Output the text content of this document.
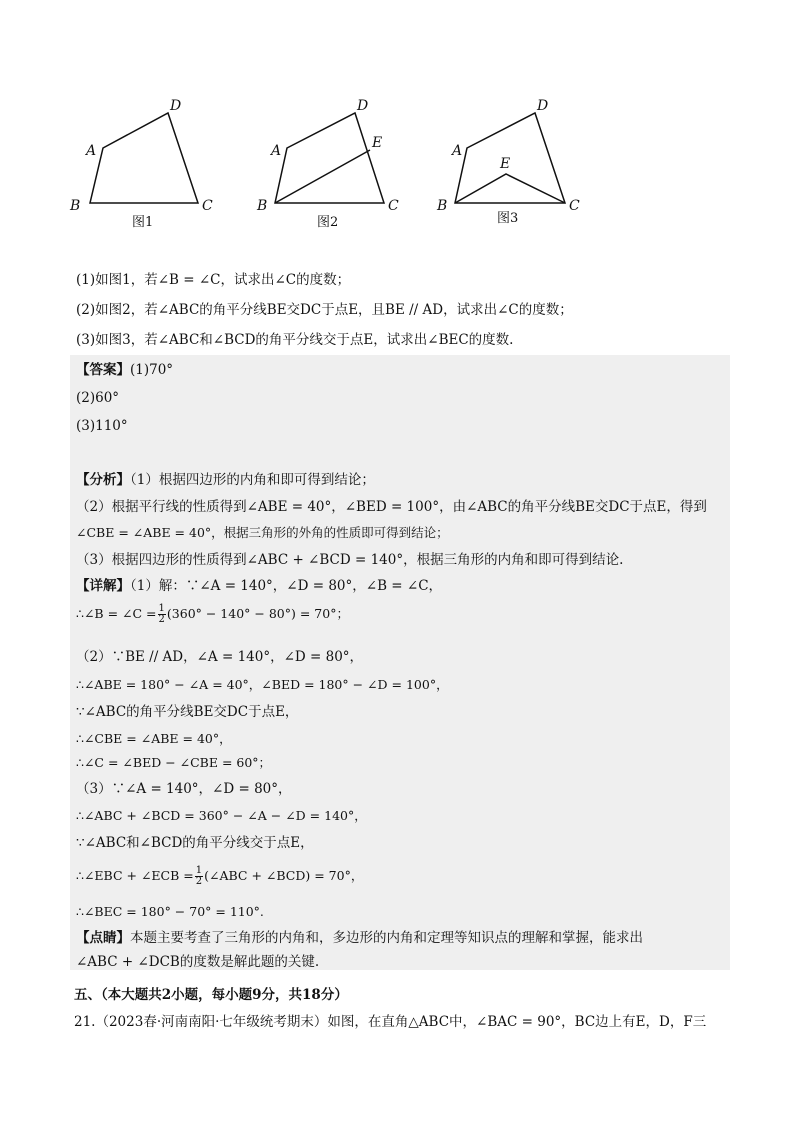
A
D
B	C
图1
A
D
E
B	C
图2
A
D
E
B	C
图3
(1)如图1，若∠B = ∠C，试求出∠C的度数；
(2)如图2，若∠ABC的角平分线BE交DC于点E，且BE // AD，试求出∠C的度数；
(3)如图3，若∠ABC和∠BCD的角平分线交于点E，试求出∠BEC的度数.
【答案】(1)70°
(2)60°
(3)110°
【分析】（1）根据四边形的内角和即可得到结论；
（2）根据平行线的性质得到∠ABE = 40°，∠BED = 100°，由∠ABC的角平分线BE交DC于点E，得到
∠CBE = ∠ABE = 40°，根据三角形的外角的性质即可得到结论；
（3）根据四边形的性质得到∠ABC + ∠BCD = 140°，根据三角形的内角和即可得到结论.
【详解】（1）解：∵∠A = 140°，∠D = 80°，∠B = ∠C，
∴∠B = ∠C = $\frac{1}{2} (360^\circ - 140^\circ - 80^\circ) = 70^\circ$；
（2）∵BE // AD，∠A = 140°，∠D = 80°，
∴∠ABE = 180° − ∠A = 40°，∠BED = 180° − ∠D = 100°，
∵∠ABC的角平分线BE交DC于点E，
∴∠CBE = ∠ABE = 40°，
∴∠C = ∠BED − ∠CBE = 60°；
（3）∵∠A = 140°，∠D = 80°，
∴∠ABC + ∠BCD = 360° − ∠A − ∠D = 140°，
∵∠ABC和∠BCD的角平分线交于点E，
∴∠EBC + ∠ECB = $\frac{1}{2}$ (∠ABC + ∠BCD) = 70°，
∴∠BEC = 180° − 70° = 110°.
【点睛】本题主要考查了三角形的内角和，多边形的内角和定理等知识点的理解和掌握，能求出
∠ABC + ∠DCB的度数是解此题的关键.
五、（本大题共2小题，每小题9分，共18分）
21.（2023春·河南南阳·七年级统考期末）如图，在直角△ABC中，∠BAC = 90°，BC边上有E，D，F三
